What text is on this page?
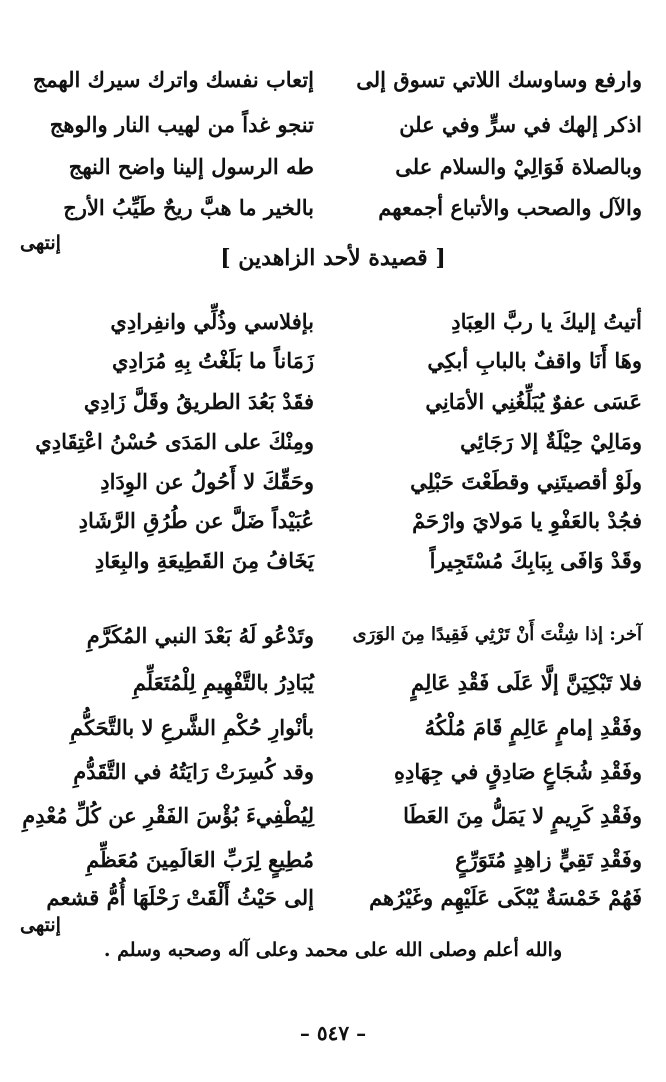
وارفع وساوسك اللاتي تسوق إلى
إتعاب نفسك واترك سيرك الهمج
اذكر إلهك في سرٍّ وفي علن
تنجو غداً من لهيب النار والوهج
وبالصلاة فَوَالِيْ والسلام على
طه الرسول إلينا واضح النهج
والآل والصحب والأتباع أجمعهم
بالخير ما هبَّ ريحٌ طَيِّبُ الأرج
إنتهى
[ قصيدة لأحد الزاهدين ]
أتيتُ إليكَ يا ربَّ العِبَادِ
بإفلاسي وذُلِّي وانفِرادِي
وهَا أَنَا واقفٌ بالبابِ أبكِي
زَمَاناً ما بَلَغْتُ بِهِ مُرَادِي
عَسَى عفوٌ يُبَلِّغُنِي الأمَانِي
فقَدْ بَعُدَ الطريقُ وقَلَّ زَادِي
ومَالِيْ حِيْلَةٌ إلا رَجَائِي
ومِنْكَ على المَدَى حُسْنُ اعْتِقَادِي
ولَوْ أقصيتَنِي وقطَعْتَ حَبْلِي
وحَقِّكَ لا أَحُولُ عن الوِدَادِ
فجُدْ بالعَفْوِ يا مَولايَ وارْحَمْ
عُبَيْداً ضَلَّ عن طُرُقِ الرَّشَادِ
وقَدْ وَافَى بِبَابِكَ مُسْتَجِيراً
يَخَافُ مِنَ القَطِيعَةِ والبِعَادِ
آخر: إذا شِئْتَ أَنْ تَرْثِي فَقِيدًا مِنَ الوَرَى
وتَدْعُو لَهُ بَعْدَ النبي المُكَرَّمِ
فلا تَبْكِيَنَّ إلَّا عَلَى فَقْدِ عَالِمٍ
يُبَادِرُ بالتَّفْهِيمِ لِلْمُتَعَلِّمِ
وفَقْدِ إمامٍ عَالِمٍ قَامَ مُلْكُهُ
بأنْوارِ حُكْمِ الشَّرعِ لا بالتَّحَكُّمِ
وفَقْدِ شُجَاعٍ صَادِقٍ في جِهَادِهِ
وقد كُسِرَتْ رَايَتُهُ في التَّقَدُّمِ
وفَقْدِ كَرِيمٍ لا يَمَلُّ مِنَ العَطَا
لِيُطْفِيءَ بُؤْسَ الفَقْرِ عن كُلِّ مُعْدِمِ
وفَقْدِ تَقِيٍّ زاهِدٍ مُتَوَرِّعٍ
مُطِيعٍ لِرَبِّ العَالَمِينَ مُعَظِّمِ
فَهُمْ خَمْسَةٌ يُبْكَى عَلَيْهِم وغَيْرُهم
إلى حَيْثُ أَلْقَتْ رَحْلَهَا أُمُّ قشعم
إنتهى
والله أعلم وصلى الله على محمد وعلى آله وصحبه وسلم .
– ٥٤٧ –
